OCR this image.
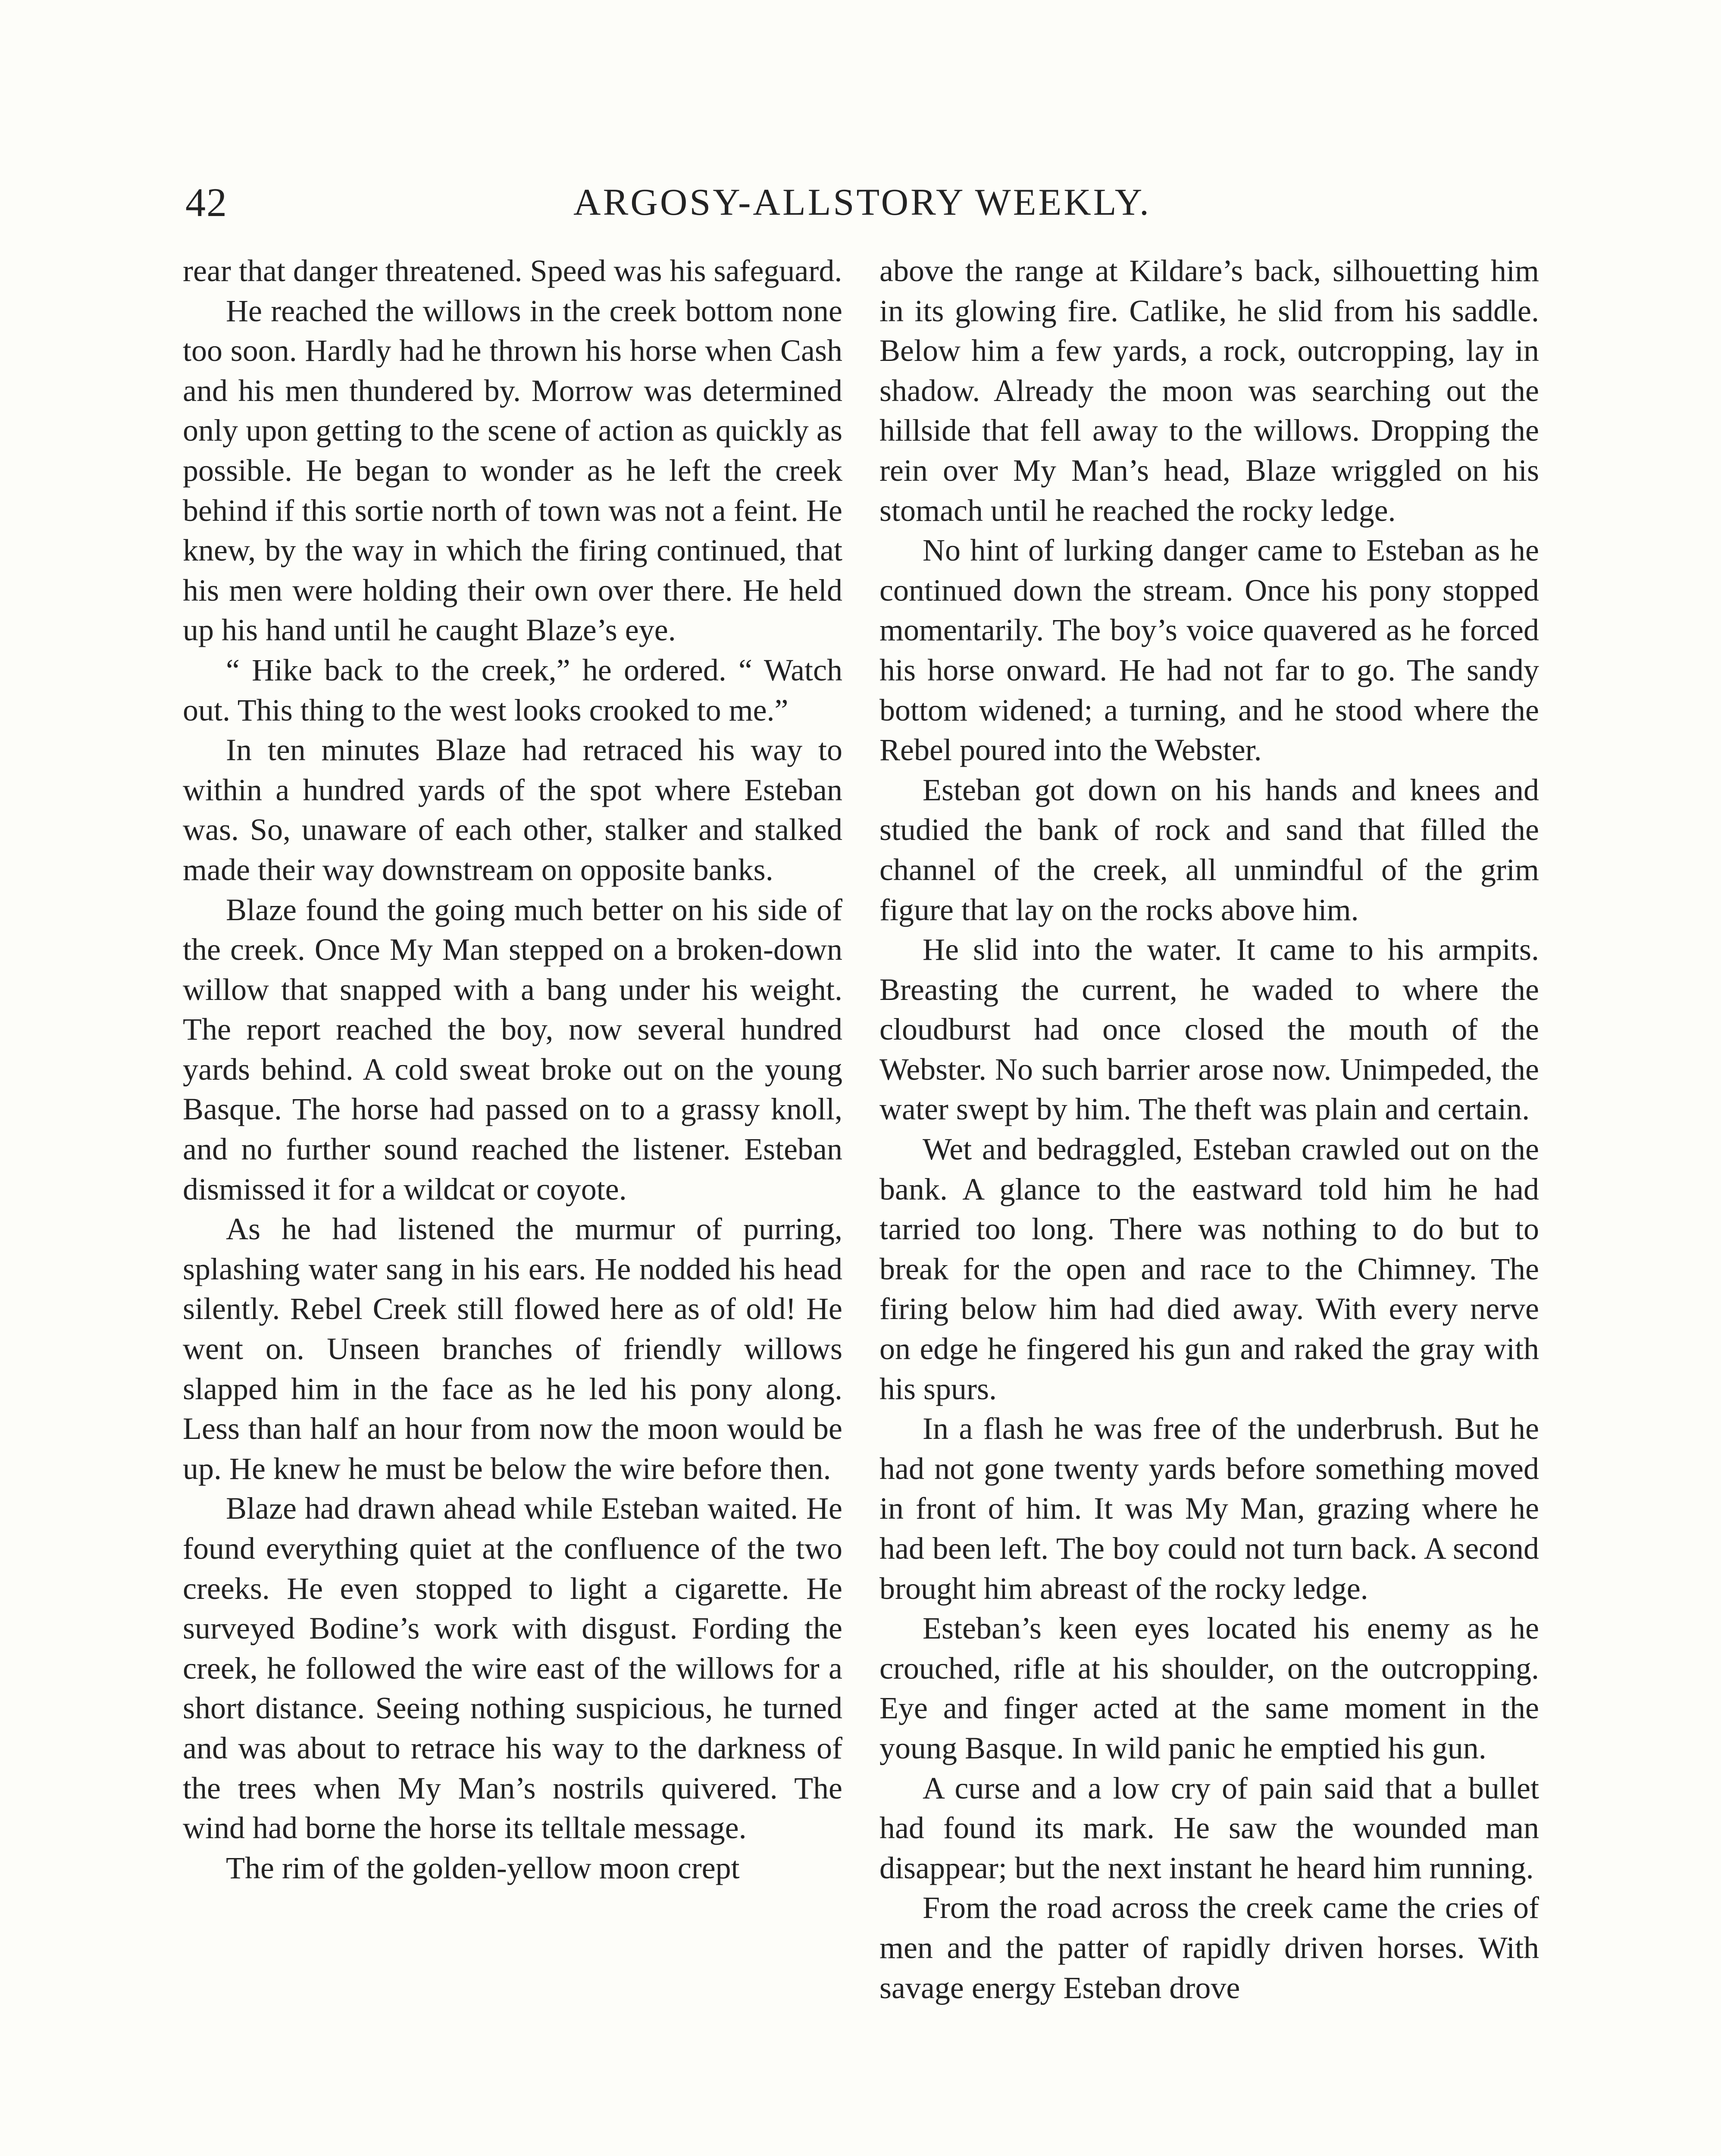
42	ARGOSY-ALLSTORY WEEKLY.

rear that danger threatened. Speed was his safeguard.

He reached the willows in the creek bottom none too soon. Hardly had he thrown his horse when Cash and his men thundered by. Morrow was determined only upon getting to the scene of action as quickly as possible. He began to wonder as he left the creek behind if this sortie north of town was not a feint. He knew, by the way in which the firing continued, that his men were holding their own over there. He held up his hand until he caught Blaze’s eye.

“ Hike back to the creek,” he ordered. “ Watch out. This thing to the west looks crooked to me.”

In ten minutes Blaze had retraced his way to within a hundred yards of the spot where Esteban was. So, unaware of each other, stalker and stalked made their way downstream on opposite banks.

Blaze found the going much better on his side of the creek. Once My Man stepped on a broken-down willow that snapped with a bang under his weight. The report reached the boy, now several hundred yards behind. A cold sweat broke out on the young Basque. The horse had passed on to a grassy knoll, and no further sound reached the listener. Esteban dismissed it for a wildcat or coyote.

As he had listened the murmur of purring, splashing water sang in his ears. He nodded his head silently. Rebel Creek still flowed here as of old! He went on. Unseen branches of friendly willows slapped him in the face as he led his pony along. Less than half an hour from now the moon would be up. He knew he must be below the wire before then.

Blaze had drawn ahead while Esteban waited. He found everything quiet at the confluence of the two creeks. He even stopped to light a cigarette. He surveyed Bodine’s work with disgust. Fording the creek, he followed the wire east of the willows for a short distance. Seeing nothing suspicious, he turned and was about to retrace his way to the darkness of the trees when My Man’s nostrils quivered. The wind had borne the horse its telltale message.

The rim of the golden-yellow moon crept

above the range at Kildare’s back, silhouetting him in its glowing fire. Catlike, he slid from his saddle. Below him a few yards, a rock, outcropping, lay in shadow. Already the moon was searching out the hillside that fell away to the willows. Dropping the rein over My Man’s head, Blaze wriggled on his stomach until he reached the rocky ledge.

No hint of lurking danger came to Esteban as he continued down the stream. Once his pony stopped momentarily. The boy’s voice quavered as he forced his horse onward. He had not far to go. The sandy bottom widened; a turning, and he stood where the Rebel poured into the Webster.

Esteban got down on his hands and knees and studied the bank of rock and sand that filled the channel of the creek, all unmindful of the grim figure that lay on the rocks above him.

He slid into the water. It came to his armpits. Breasting the current, he waded to where the cloudburst had once closed the mouth of the Webster. No such barrier arose now. Unimpeded, the water swept by him. The theft was plain and certain.

Wet and bedraggled, Esteban crawled out on the bank. A glance to the eastward told him he had tarried too long. There was nothing to do but to break for the open and race to the Chimney. The firing below him had died away. With every nerve on edge he fingered his gun and raked the gray with his spurs.

In a flash he was free of the underbrush. But he had not gone twenty yards before something moved in front of him. It was My Man, grazing where he had been left. The boy could not turn back. A second brought him abreast of the rocky ledge.

Esteban’s keen eyes located his enemy as he crouched, rifle at his shoulder, on the outcropping. Eye and finger acted at the same moment in the young Basque. In wild panic he emptied his gun.

A curse and a low cry of pain said that a bullet had found its mark. He saw the wounded man disappear; but the next instant he heard him running.

From the road across the creek came the cries of men and the patter of rapidly driven horses. With savage energy Esteban drove
